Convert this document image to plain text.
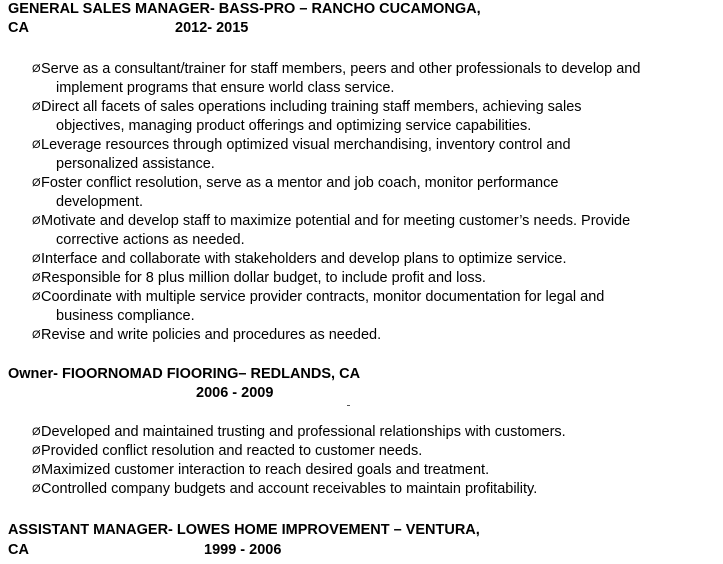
GENERAL SALES MANAGER- BASS-PRO – RANCHO CUCAMONGA,
CA	2012- 2015
Ø Serve as a consultant/trainer for staff members, peers and other professionals to develop and
implement programs that ensure world class service.
Ø Direct all facets of sales operations including training staff members, achieving sales
objectives, managing product offerings and optimizing service capabilities.
Ø Leverage resources through optimized visual merchandising, inventory control and
personalized assistance.
Ø Foster conflict resolution, serve as a mentor and job coach, monitor performance
development.
Ø Motivate and develop staff to maximize potential and for meeting customer’s needs. Provide
corrective actions as needed.
Ø Interface and collaborate with stakeholders and develop plans to optimize service.
Ø Responsible for 8 plus million dollar budget, to include profit and loss.
Ø Coordinate with multiple service provider contracts, monitor documentation for legal and
business compliance.
Ø Revise and write policies and procedures as needed.
Owner- FIOORNOMAD FIOORING– REDLANDS, CA
2006 - 2009
Ø Developed and maintained trusting and professional relationships with customers.
Ø Provided conflict resolution and reacted to customer needs.
Ø Maximized customer interaction to reach desired goals and treatment.
Ø Controlled company budgets and account receivables to maintain profitability.
ASSISTANT MANAGER- LOWES HOME IMPROVEMENT – VENTURA,
CA	1999 - 2006
